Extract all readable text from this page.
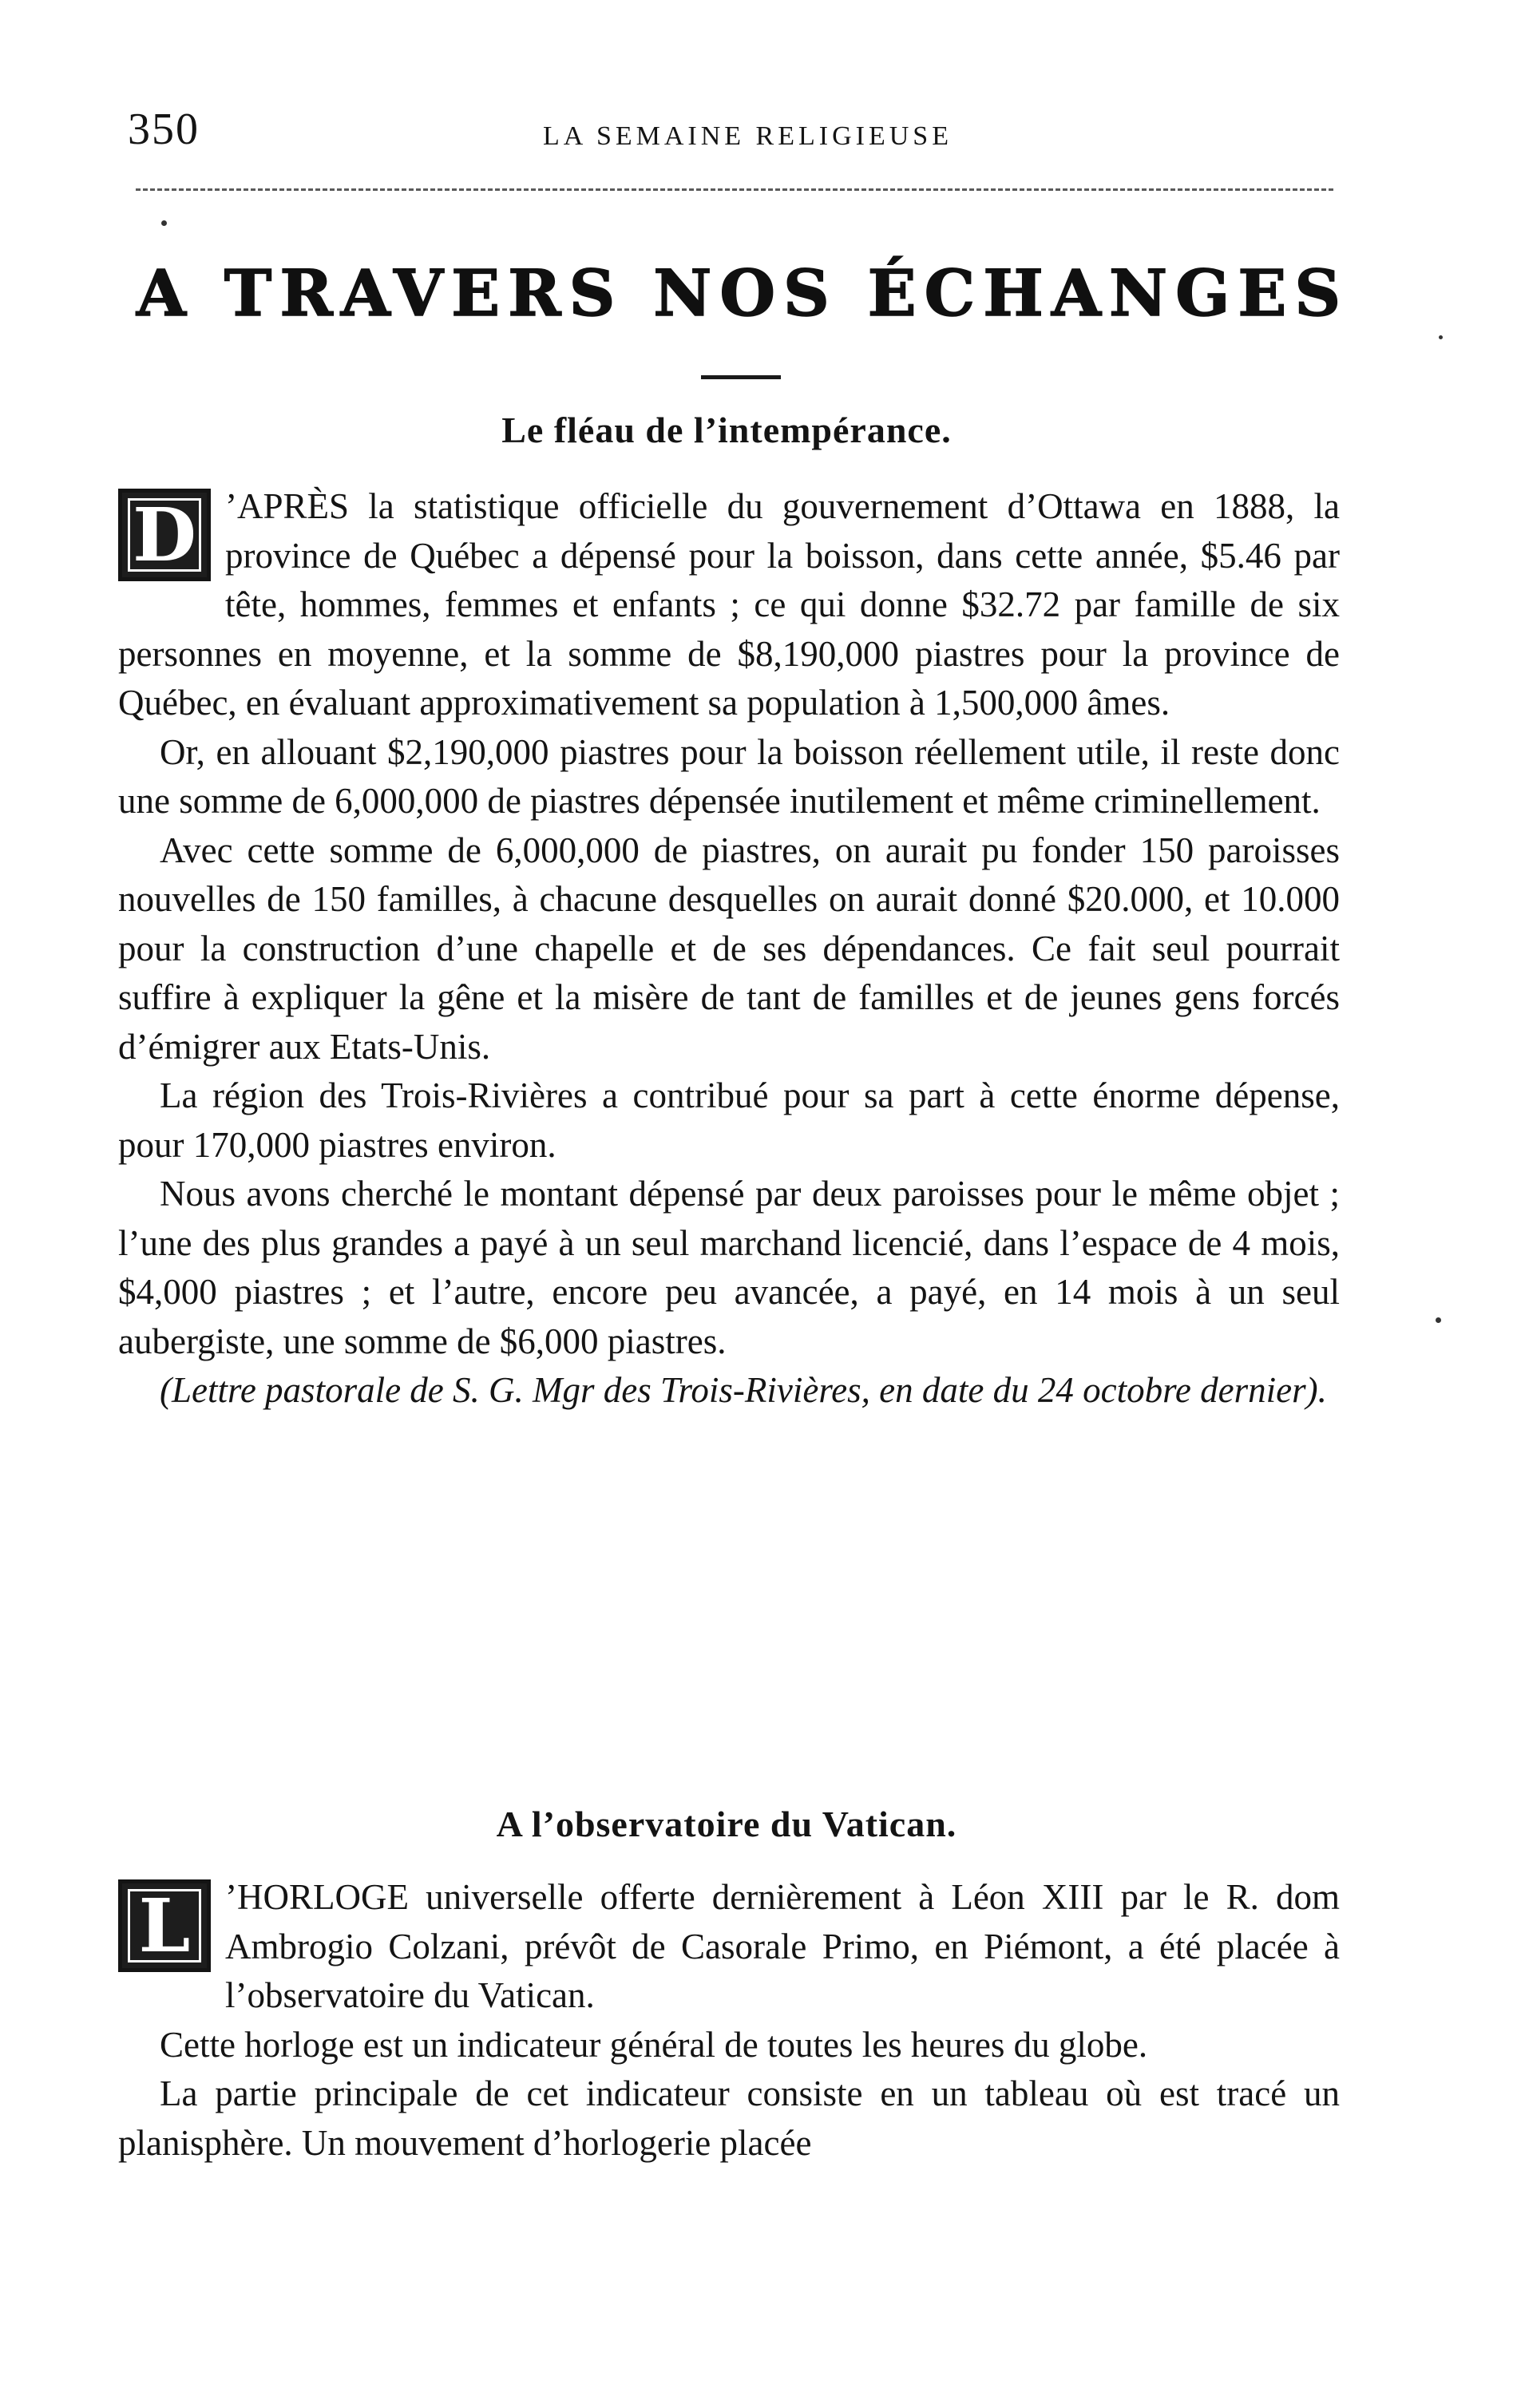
350	LA SEMAINE RELIGIEUSE
A TRAVERS NOS ÉCHANGES
Le fléau de l’intempérance.

D ’APRÈS la statistique officielle du gouvernement d’Ottawa en 1888, la province de Québec a dépensé pour la boisson, dans cette année, $5.46 par tête, hommes, femmes et enfants ; ce qui donne $32.72 par famille de six personnes en moyenne, et la somme de $8,190,000 piastres pour la province de Québec, en évaluant approximativement sa population à 1,500,000 âmes.

Or, en allouant $2,190,000 piastres pour la boisson réellement utile, il reste donc une somme de 6,000,000 de piastres dépensée inutilement et même criminellement.

Avec cette somme de 6,000,000 de piastres, on aurait pu fonder 150 paroisses nouvelles de 150 familles, à chacune desquelles on aurait donné $20.000, et 10.000 pour la construction d’une chapelle et de ses dépendances. Ce fait seul pourrait suffire à expliquer la gêne et la misère de tant de familles et de jeunes gens forcés d’émigrer aux Etats-Unis.

La région des Trois-Rivières a contribué pour sa part à cette énorme dépense, pour 170,000 piastres environ.

Nous avons cherché le montant dépensé par deux paroisses pour le même objet ; l’une des plus grandes a payé à un seul marchand licencié, dans l’espace de 4 mois, $4,000 piastres ; et l’autre, encore peu avancée, a payé, en 14 mois à un seul aubergiste, une somme de $6,000 piastres.

(Lettre pastorale de S. G. Mgr des Trois-Rivières, en date du 24 octobre dernier).

A l’observatoire du Vatican.

L ’HORLOGE universelle offerte dernièrement à Léon XIII par le R. dom Ambrogio Colzani, prévôt de Casorale Primo, en Piémont, a été placée à l’observatoire du Vatican.

Cette horloge est un indicateur général de toutes les heures du globe.

La partie principale de cet indicateur consiste en un tableau où est tracé un planisphère. Un mouvement d’horlogerie placée
